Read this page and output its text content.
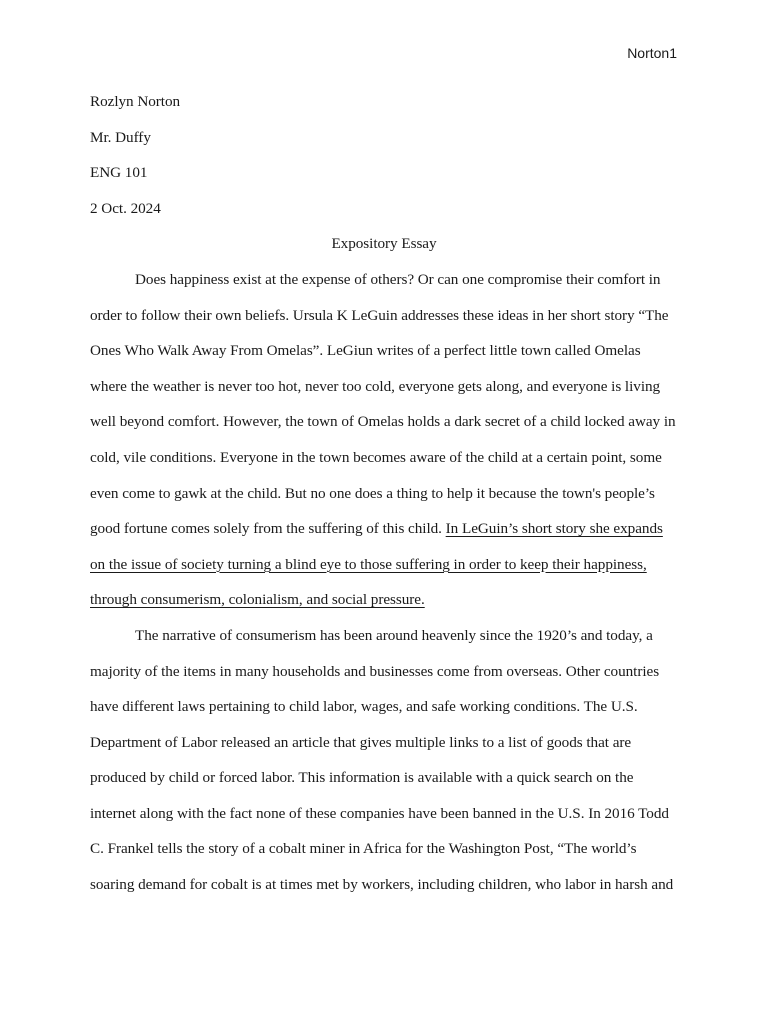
Norton1
Rozlyn Norton
Mr. Duffy
ENG 101
2 Oct. 2024
Expository Essay
Does happiness exist at the expense of others? Or can one compromise their comfort in
order to follow their own beliefs. Ursula K LeGuin addresses these ideas in her short story “The
Ones Who Walk Away From Omelas”. LeGiun writes of a perfect little town called Omelas
where the weather is never too hot, never too cold, everyone gets along, and everyone is living
well beyond comfort. However, the town of Omelas holds a dark secret of a child locked away in
cold, vile conditions. Everyone in the town becomes aware of the child at a certain point, some
even come to gawk at the child. But no one does a thing to help it because the town's people’s
good fortune comes solely from the suffering of this child. In LeGuin’s short story she expands
on the issue of society turning a blind eye to those suffering in order to keep their happiness,
through consumerism, colonialism, and social pressure.
The narrative of consumerism has been around heavenly since the 1920’s and today, a
majority of the items in many households and businesses come from overseas. Other countries
have different laws pertaining to child labor, wages, and safe working conditions. The U.S.
Department of Labor released an article that gives multiple links to a list of goods that are
produced by child or forced labor. This information is available with a quick search on the
internet along with the fact none of these companies have been banned in the U.S. In 2016 Todd
C. Frankel tells the story of a cobalt miner in Africa for the Washington Post, “The world’s
soaring demand for cobalt is at times met by workers, including children, who labor in harsh and
